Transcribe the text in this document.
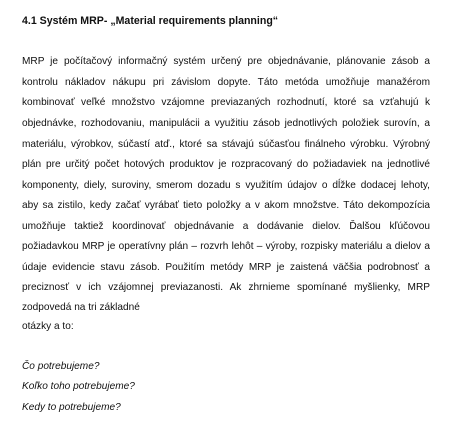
4.1 Systém MRP- „Material requirements planning“
MRP je počítačový informačný systém určený pre objednávanie, plánovanie zásob a
kontrolu nákladov nákupu pri závislom dopyte. Táto metóda umožňuje manažérom
kombinovať veľké množstvo vzájomne previazaných rozhodnutí, ktoré sa vzťahujú k
objednávke, rozhodovaniu, manipulácii a využitiu zásob jednotlivých položiek surovín, a
materiálu, výrobkov, súčastí atď., ktoré sa stávajú súčasťou finálneho výrobku. Výrobný
plán pre určitý počet hotových produktov je rozpracovaný do požiadaviek na jednotlivé
komponenty, diely, suroviny, smerom dozadu s využitím údajov o dĺžke dodacej lehoty,
aby sa zistilo, kedy začať vyrábať tieto položky a v akom množstve. Táto dekompozícia
umožňuje taktiež koordinovať objednávanie a dodávanie dielov. Ďalšou kľúčovou
požiadavkou MRP je operatívny plán – rozvrh lehôt – výroby, rozpisky materiálu a dielov a
údaje evidencie stavu zásob. Použitím metódy MRP je zaistená väčšia podrobnosť a
preciznosť v ich vzájomnej previazanosti. Ak zhrnieme spomínané myšlienky, MRP
zodpovedá na tri základné
otázky a to:
Čo potrebujeme?
Koľko toho potrebujeme?
Kedy to potrebujeme?
